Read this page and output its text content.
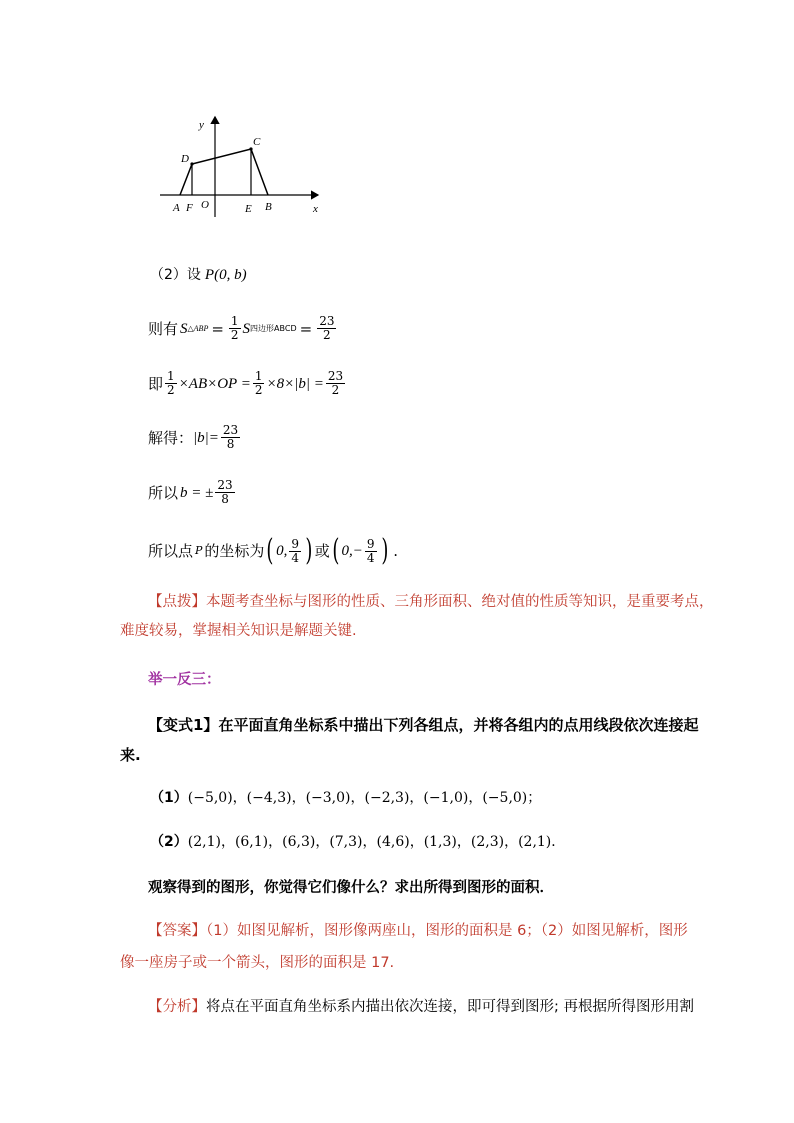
y
D
C
A F O	E B	x
（2）设 P(0, b)
则有 S △ABP = $\frac{1}{2}$ S 四边形ABCD = $\frac{23}{2}$
即 $\frac{1}{2} \times AB\times OP = \frac{1}{2} \times 8\times|b| = \frac{23}{2}$
解得： $|b|= \frac{23}{8}$
所以 b = ± $\frac{23}{8}$
所以点 P 的坐标为 ( 0, $\frac{9}{4}$ ) 或 ( $0,- \frac{9}{4}$ ) .
【点拨】本题考查坐标与图形的性质、三角形面积、绝对值的性质等知识，是重要考点，
难度较易，掌握相关知识是解题关键.
举一反三：
【变式1】在平面直角坐标系中描出下列各组点，并将各组内的点用线段依次连接起
来.
（1）(−5,0)，(−4,3)，(−3,0)，(−2,3)，(−1,0)，(−5,0)；
（2）(2,1)，(6,1)，(6,3)，(7,3)，(4,6)，(1,3)，(2,3)，(2,1)．
观察得到的图形，你觉得它们像什么？求出所得到图形的面积．
【答案】（1）如图见解析，图形像两座山，图形的面积是 6；（2）如图见解析，图形
像一座房子或一个箭头，图形的面积是 17.
【分析】将点在平面直角坐标系内描出依次连接，即可得到图形; 再根据所得图形用割
